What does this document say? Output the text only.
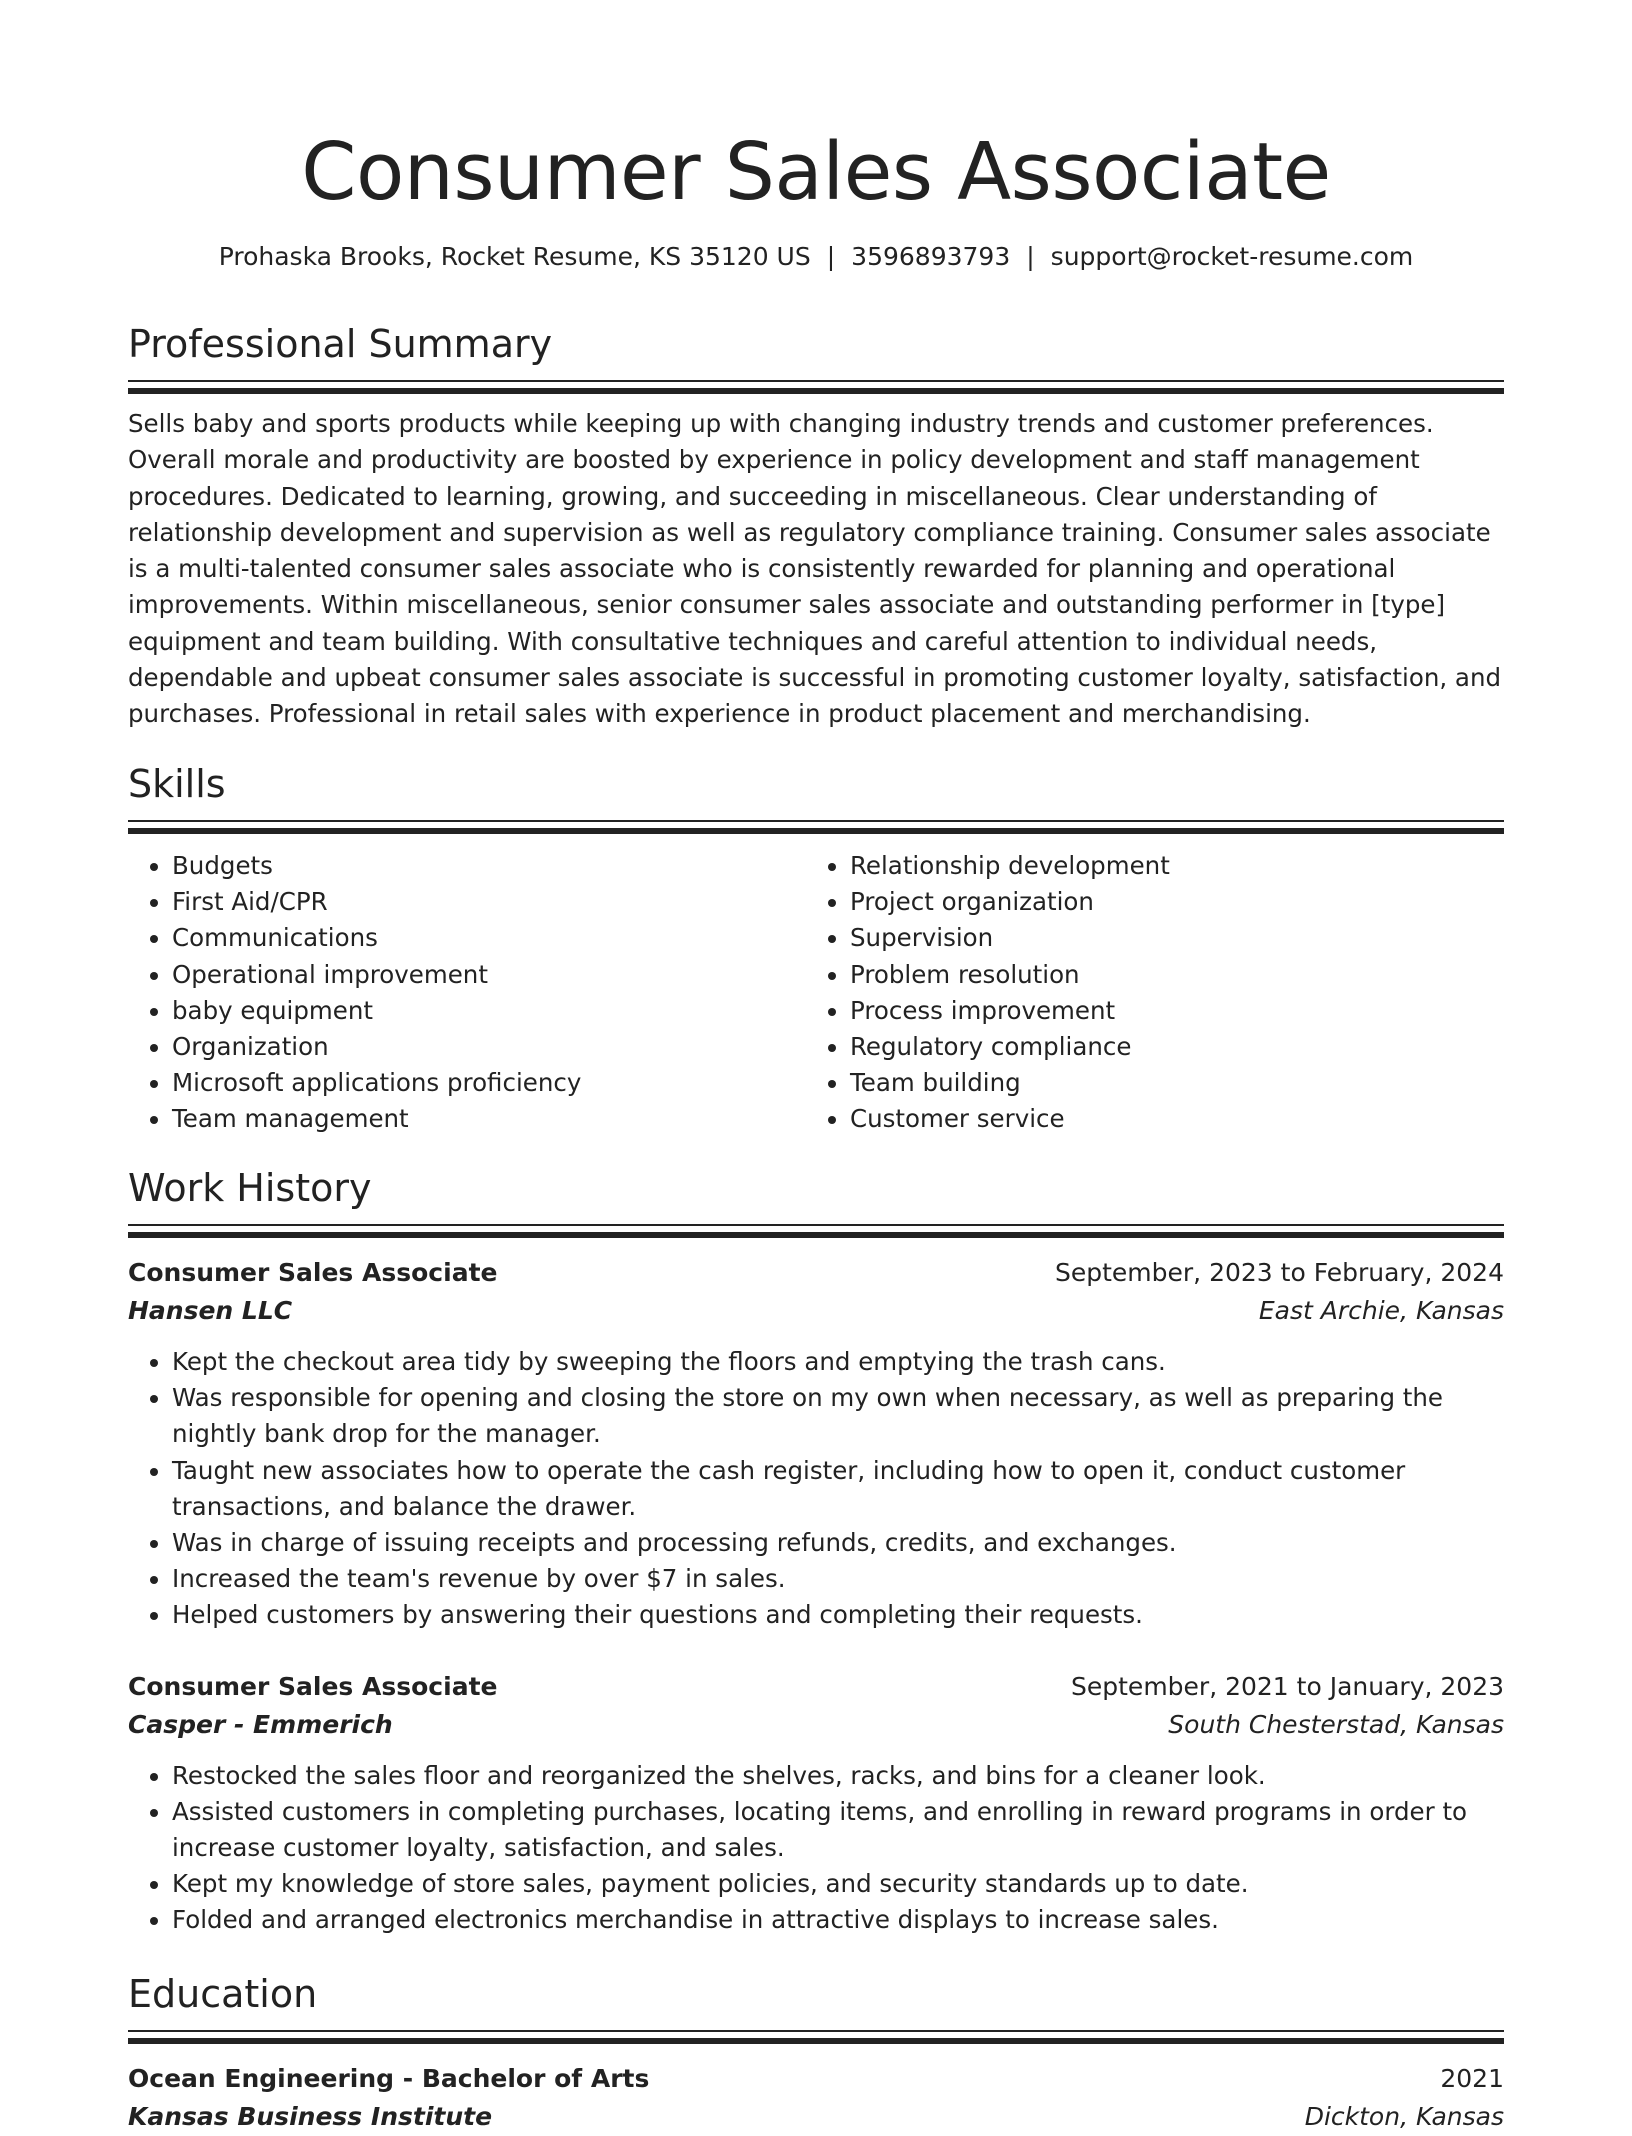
Consumer Sales Associate
Prohaska Brooks, Rocket Resume, KS 35120 US | 3596893793 | support@rocket-resume.com
Professional Summary

Sells baby and sports products while keeping up with changing industry trends and customer preferences. Overall morale and productivity are boosted by experience in policy development and staff management procedures. Dedicated to learning, growing, and succeeding in miscellaneous. Clear understanding of relationship development and supervision as well as regulatory compliance training. Consumer sales associate is a multi-talented consumer sales associate who is consistently rewarded for planning and operational improvements. Within miscellaneous, senior consumer sales associate and outstanding performer in [type] equipment and team building. With consultative techniques and careful attention to individual needs, dependable and upbeat consumer sales associate is successful in promoting customer loyalty, satisfaction, and purchases. Professional in retail sales with experience in product placement and merchandising.

Skills
• Budgets
• First Aid/CPR
• Communications
• Operational improvement
• baby equipment
• Organization
• Microsoft applications proficiency
• Team management
• Relationship development
• Project organization
• Supervision
• Problem resolution
• Process improvement
• Regulatory compliance
• Team building
• Customer service
Work History
Consumer Sales Associate	September, 2023 to February, 2024
Hansen LLC	East Archie, Kansas
• Kept the checkout area tidy by sweeping the floors and emptying the trash cans.
• Was responsible for opening and closing the store on my own when necessary, as well as preparing the nightly bank drop for the manager.
• Taught new associates how to operate the cash register, including how to open it, conduct customer transactions, and balance the drawer.
• Was in charge of issuing receipts and processing refunds, credits, and exchanges.
• Increased the team's revenue by over $7 in sales.
• Helped customers by answering their questions and completing their requests.
Consumer Sales Associate	September, 2021 to January, 2023
Casper - Emmerich	South Chesterstad, Kansas
• Restocked the sales floor and reorganized the shelves, racks, and bins for a cleaner look.
• Assisted customers in completing purchases, locating items, and enrolling in reward programs in order to increase customer loyalty, satisfaction, and sales.
• Kept my knowledge of store sales, payment policies, and security standards up to date.
• Folded and arranged electronics merchandise in attractive displays to increase sales.
Education
Ocean Engineering - Bachelor of Arts	2021
Kansas Business Institute	Dickton, Kansas
